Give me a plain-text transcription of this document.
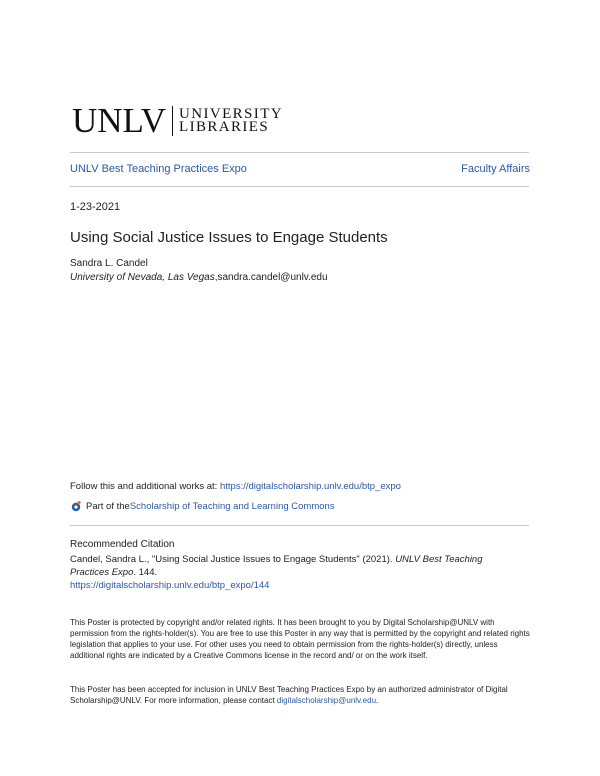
UNLV UNIVERSITY
LIBRARIES
UNLV Best Teaching Practices Expo	Faculty Affairs
1-23-2021
Using Social Justice Issues to Engage Students
Sandra L. Candel
University of Nevada, Las Vegas,sandra.candel@unlv.edu
Follow this and additional works at: https://digitalscholarship.unlv.edu/btp_expo
Part of the Scholarship of Teaching and Learning Commons
Recommended Citation
Candel, Sandra L., "Using Social Justice Issues to Engage Students" (2021). UNLV Best Teaching Practices Expo. 144.
https://digitalscholarship.unlv.edu/btp_expo/144
This Poster is protected by copyright and/or related rights. It has been brought to you by Digital Scholarship@UNLV with permission from the rights-holder(s). You are free to use this Poster in any way that is permitted by the copyright and related rights legislation that applies to your use. For other uses you need to obtain permission from the rights-holder(s) directly, unless additional rights are indicated by a Creative Commons license in the record and/ or on the work itself.
This Poster has been accepted for inclusion in UNLV Best Teaching Practices Expo by an authorized administrator of Digital Scholarship@UNLV. For more information, please contact digitalscholarship@unlv.edu.
